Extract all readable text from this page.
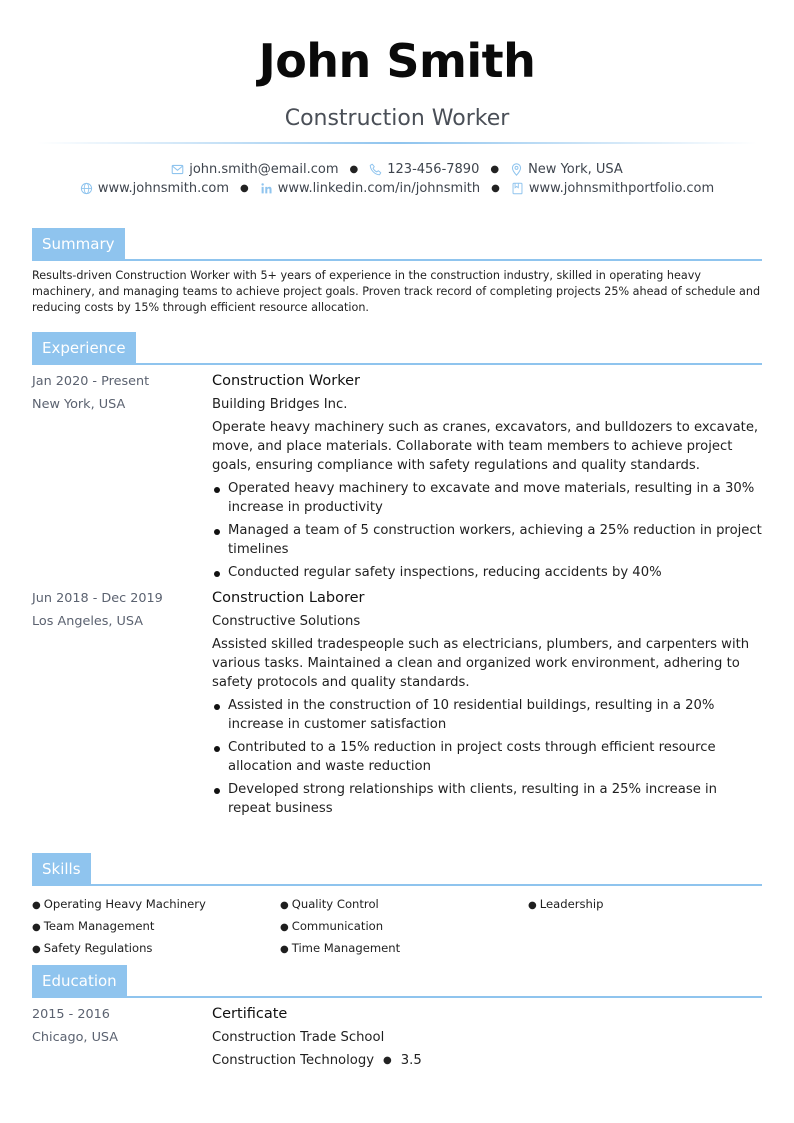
John Smith
Construction Worker
john.smith@email.com ● 123-456-7890 ● New York, USA
www.johnsmith.com ● www.linkedin.com/in/johnsmith ● www.johnsmithportfolio.com
Summary

Results-driven Construction Worker with 5+ years of experience in the construction industry, skilled in operating heavy machinery, and managing teams to achieve project goals. Proven track record of completing projects 25% ahead of schedule and reducing costs by 15% through efficient resource allocation.

Experience
Jan 2020 - Present
New York, USA
Construction Worker
Building Bridges Inc.
Operate heavy machinery such as cranes, excavators, and bulldozers to excavate, move, and place materials. Collaborate with team members to achieve project goals, ensuring compliance with safety regulations and quality standards.
Operated heavy machinery to excavate and move materials, resulting in a 30% increase in productivity
Managed a team of 5 construction workers, achieving a 25% reduction in project timelines
Conducted regular safety inspections, reducing accidents by 40%
Jun 2018 - Dec 2019
Los Angeles, USA
Construction Laborer
Constructive Solutions
Assisted skilled tradespeople such as electricians, plumbers, and carpenters with various tasks. Maintained a clean and organized work environment, adhering to safety protocols and quality standards.
Assisted in the construction of 10 residential buildings, resulting in a 20% increase in customer satisfaction
Contributed to a 15% reduction in project costs through efficient resource allocation and waste reduction
Developed strong relationships with clients, resulting in a 25% increase in repeat business
Skills
● Operating Heavy Machinery	● Quality Control	● Leadership
● Team Management	● Communication
● Safety Regulations	● Time Management
Education
2015 - 2016
Chicago, USA
Certificate
Construction Trade School
Construction Technology ● 3.5
